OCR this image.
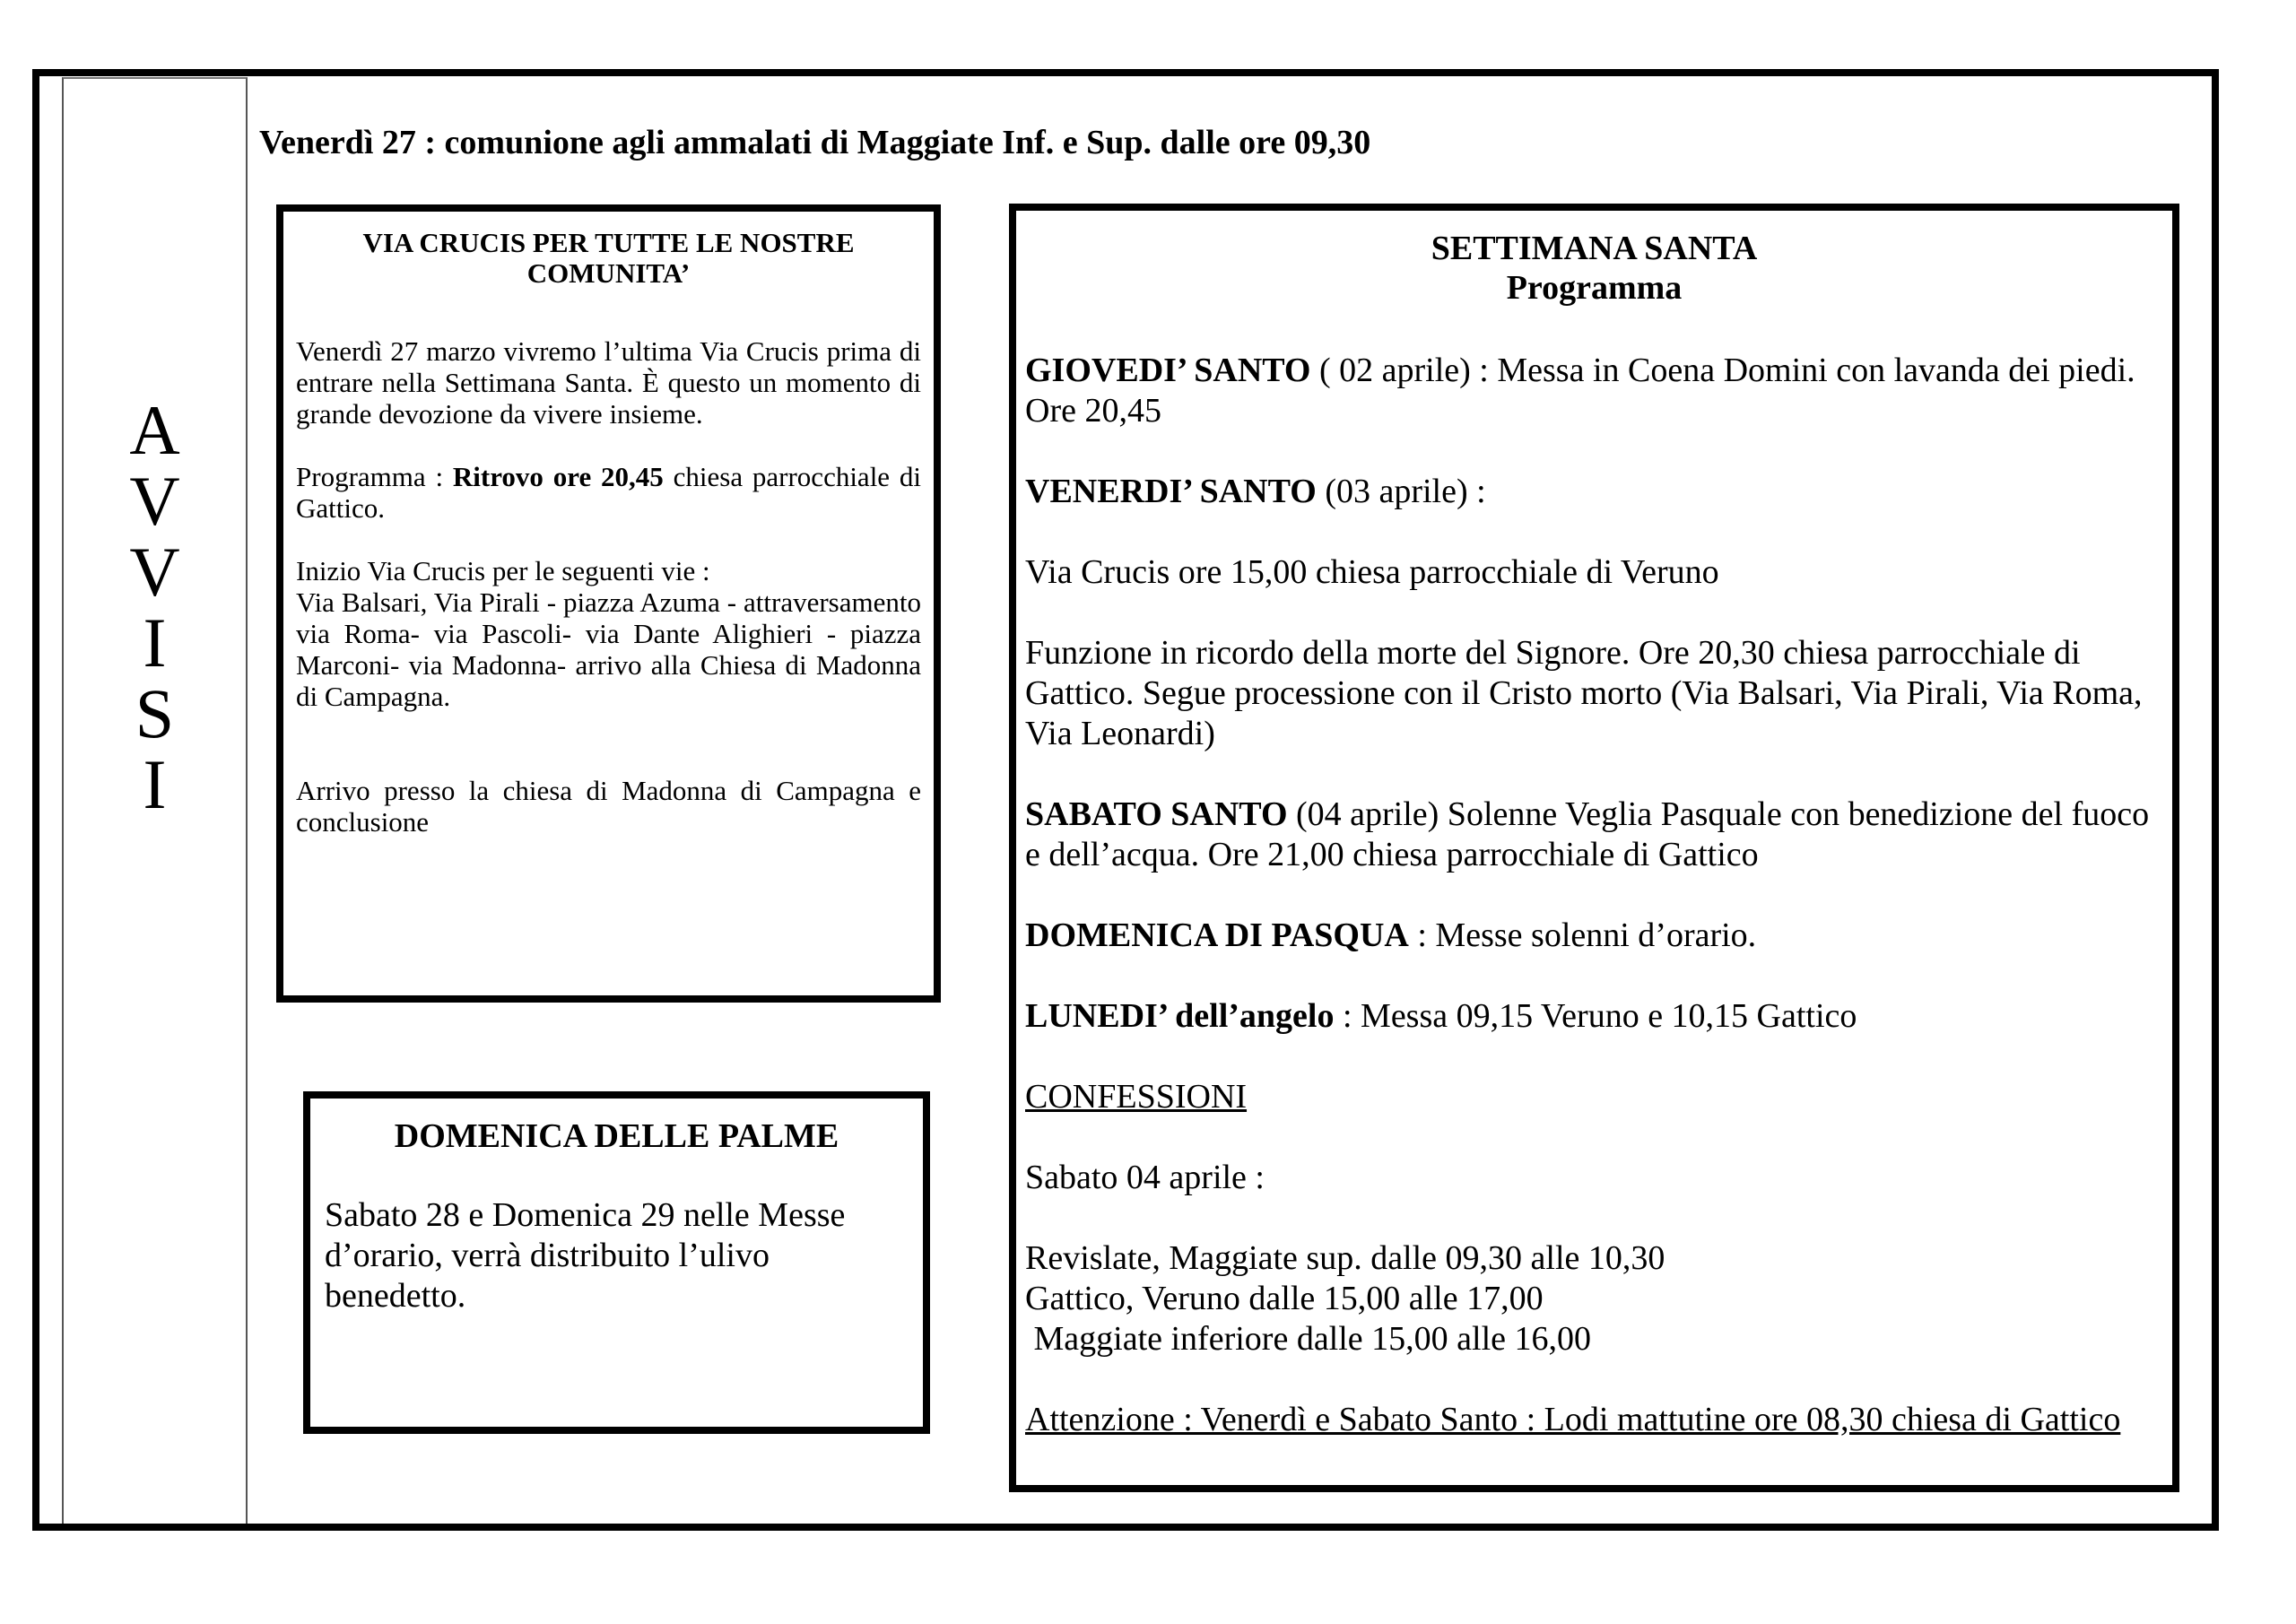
A
V
V
I
S
I
Venerdì 27 : comunione agli ammalati di Maggiate Inf. e Sup. dalle ore 09,30
VIA CRUCIS PER TUTTE LE NOSTRE
COMUNITA’

Venerdì 27 marzo vivremo l’ultima Via Crucis prima di entrare nella Settimana Santa. È questo un momento di grande devozione da vivere insieme.

Programma : Ritrovo ore 20,45 chiesa parrocchiale di Gattico.

Inizio Via Crucis per le seguenti vie :
Via Balsari, Via Pirali - piazza Azuma - attraversamento via Roma- via Pascoli- via Dante Alighieri - piazza Marconi- via Madonna- arrivo alla Chiesa di Madonna di Campagna.

Arrivo presso la chiesa di Madonna di Campagna e conclusione

DOMENICA DELLE PALME

Sabato 28 e Domenica 29 nelle Messe d’orario, verrà distribuito l’ulivo benedetto.

SETTIMANA SANTA
Programma

GIOVEDI’ SANTO ( 02 aprile) : Messa in Coena Domini con lavanda dei piedi. Ore 20,45

VENERDI’ SANTO (03 aprile) :

Via Crucis ore 15,00 chiesa parrocchiale di Veruno

Funzione in ricordo della morte del Signore. Ore 20,30 chiesa parrocchiale di Gattico. Segue processione con il Cristo morto (Via Balsari, Via Pirali, Via Roma, Via Leonardi)

SABATO SANTO (04 aprile) Solenne Veglia Pasquale con benedizione del fuoco e dell’acqua. Ore 21,00 chiesa parrocchiale di Gattico

DOMENICA DI PASQUA : Messe solenni d’orario.

LUNEDI’ dell’angelo : Messa 09,15 Veruno e 10,15 Gattico

CONFESSIONI

Sabato 04 aprile :

Revislate, Maggiate sup. dalle 09,30 alle 10,30
Gattico, Veruno dalle 15,00 alle 17,00
Maggiate inferiore dalle 15,00 alle 16,00

Attenzione : Venerdì e Sabato Santo : Lodi mattutine ore 08,30 chiesa di Gattico
